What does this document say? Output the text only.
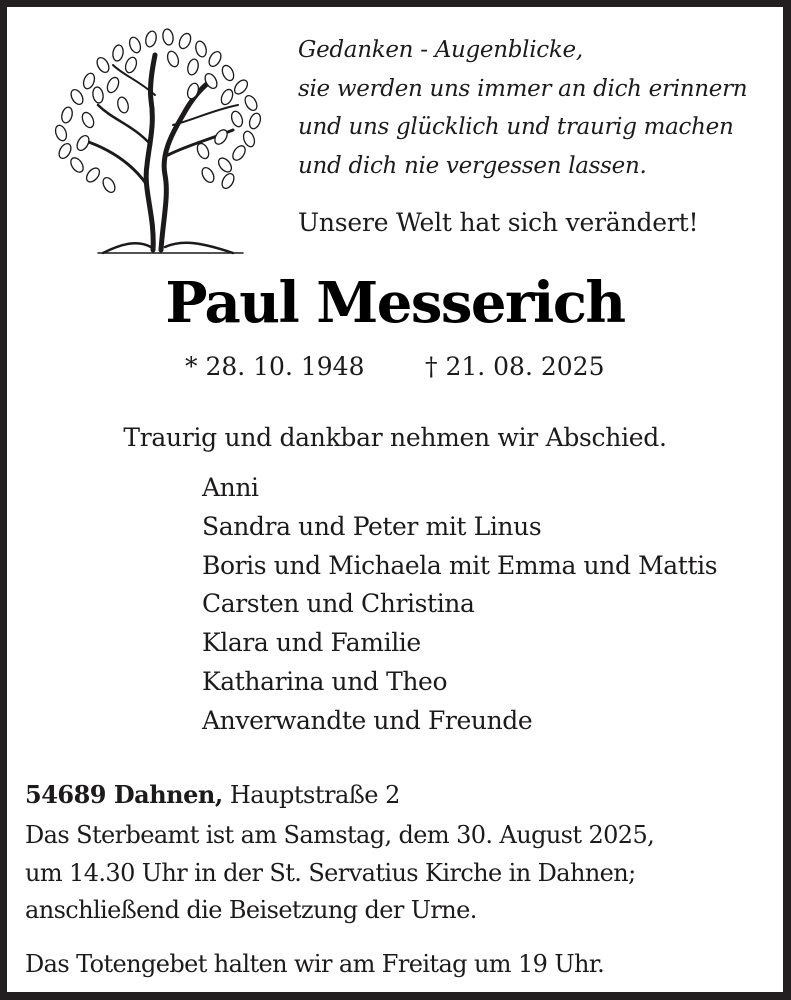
Gedanken - Augenblicke,
sie werden uns immer an dich erinnern
und uns glücklich und traurig machen
und dich nie vergessen lassen.
Unsere Welt hat sich verändert!
Paul Messerich
* 28. 10. 1948 † 21. 08. 2025
Traurig und dankbar nehmen wir Abschied.
Anni
Sandra und Peter mit Linus
Boris und Michaela mit Emma und Mattis
Carsten und Christina
Klara und Familie
Katharina und Theo
Anverwandte und Freunde
54689 Dahnen, Hauptstraße 2
Das Sterbeamt ist am Samstag, dem 30. August 2025,
um 14.30 Uhr in der St. Servatius Kirche in Dahnen;
anschließend die Beisetzung der Urne.
Das Totengebet halten wir am Freitag um 19 Uhr.
